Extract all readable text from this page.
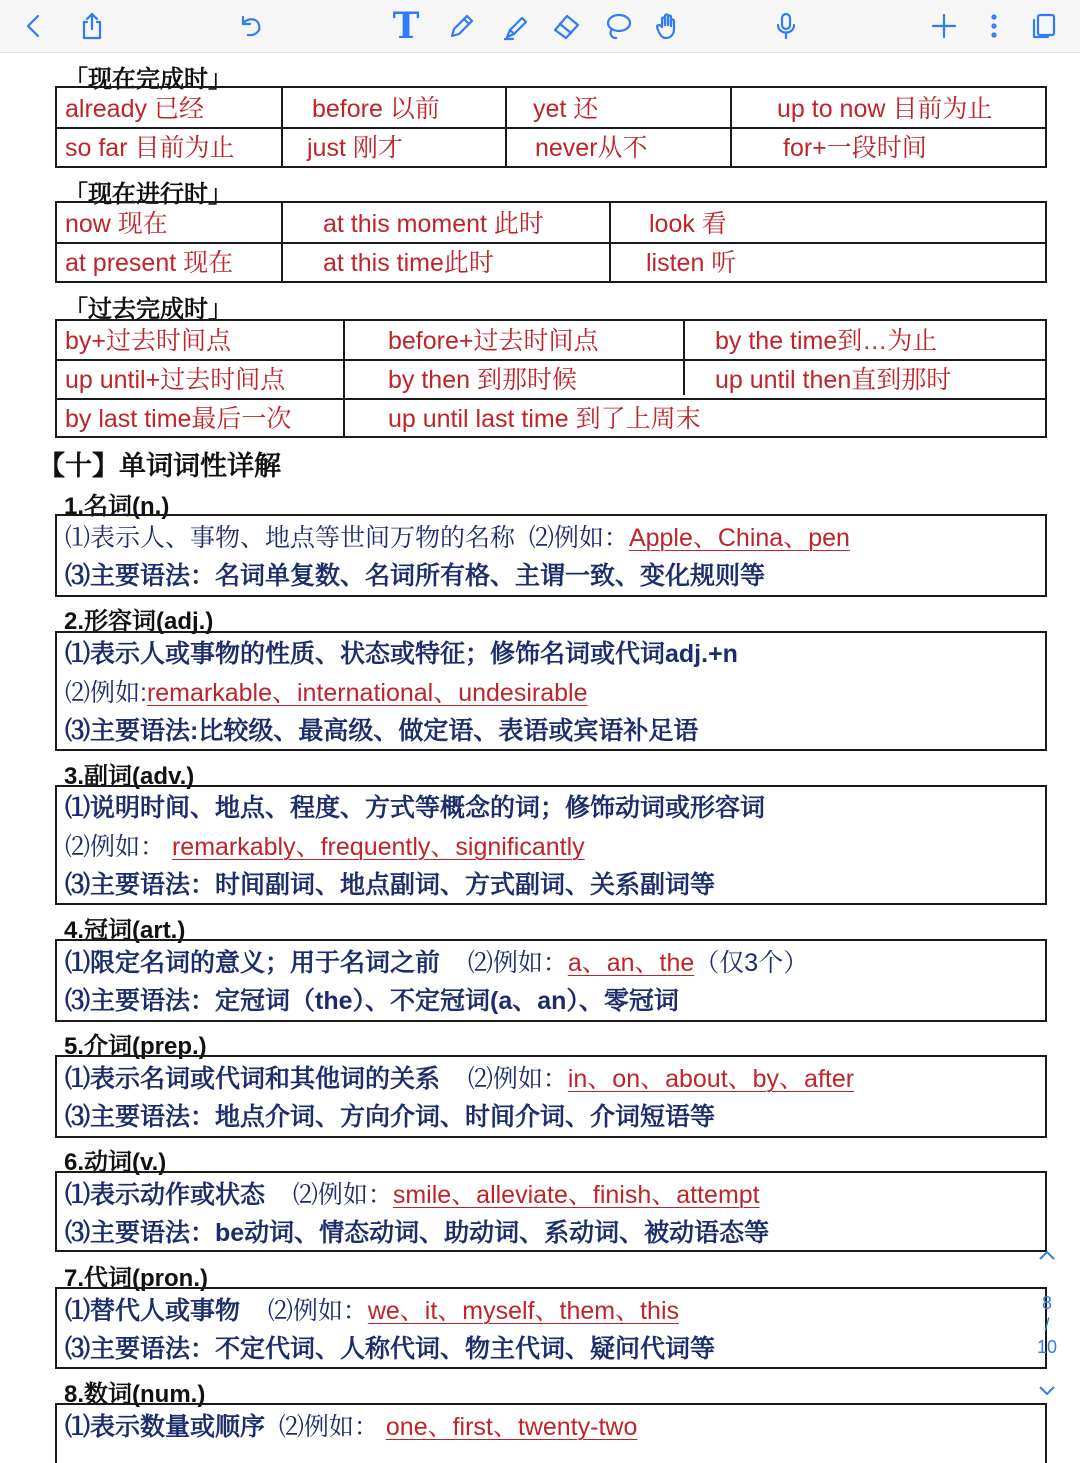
T
「现在完成时」
already 已经	before 以前	yet 还	up to now 目前为止
so far 目前为止	just 刚才	never从不	for+一段时间
「现在进行时」
now 现在	at this moment 此时	look 看
at present 现在	at this time此时	listen 听
「过去完成时」
by+过去时间点	before+过去时间点	by the time到…为止
up until+过去时间点	by then 到那时候	up until then直到那时
by last time最后一次	up until last time 到了上周末
【十】单词词性详解
1.名词(n.)
⑴表示人、事物、地点等世间万物的名称 ⑵例如：Apple、China、pen
⑶主要语法：名词单复数、名词所有格、主谓一致、变化规则等
2.形容词(adj.)
⑴表示人或事物的性质、状态或特征；修饰名词或代词adj.+n
⑵例如:remarkable、international、undesirable
⑶主要语法:比较级、最高级、做定语、表语或宾语补足语
3.副词(adv.)
⑴说明时间、地点、程度、方式等概念的词；修饰动词或形容词
⑵例如： remarkably、frequently、significantly
⑶主要语法：时间副词、地点副词、方式副词、关系副词等
4.冠词(art.)
⑴限定名词的意义；用于名词之前 ⑵例如：a、an、the（仅3个）
⑶主要语法：定冠词（the）、不定冠词(a、an）、零冠词
5.介词(prep.)
⑴表示名词或代词和其他词的关系 ⑵例如：in、on、about、by、after
⑶主要语法：地点介词、方向介词、时间介词、介词短语等
6.动词(v.)
⑴表示动作或状态 ⑵例如：smile、alleviate、finish、attempt
⑶主要语法：be动词、情态动词、助动词、系动词、被动语态等
7.代词(pron.)
⑴替代人或事物 ⑵例如：we、it、myself、them、this
⑶主要语法：不定代词、人称代词、物主代词、疑问代词等
8.数词(num.)
⑴表示数量或顺序 ⑵例如： one、first、twenty-two
8
/
10
